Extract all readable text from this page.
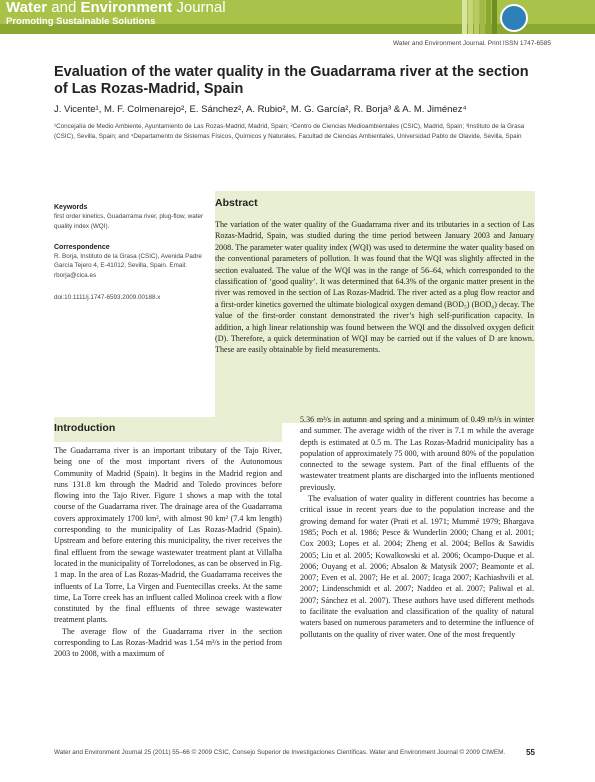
Water and Environment Journal
Promoting Sustainable Solutions
Water and Environment Journal. Print ISSN 1747-6585
Evaluation of the water quality in the Guadarrama river at the section of Las Rozas-Madrid, Spain
J. Vicente¹, M. F. Colmenarejo², E. Sánchez², A. Rubio², M. G. García², R. Borja³ & A. M. Jiménez⁴

¹Concejalía de Medio Ambiente, Ayuntamiento de Las Rozas-Madrid, Madrid, Spain; ²Centro de Ciencias Medioambientales (CSIC), Madrid, Spain; ³Instituto de la Grasa (CSIC), Sevilla, Spain; and ⁴Departamento de Sistemas Físicos, Químicos y Naturales, Facultad de Ciencias Ambientales, Universidad Pablo de Olavide, Sevilla, Spain

Keywords

first order kinetics, Guadarrama river, plug-flow, water quality index (WQI).

Correspondence

R. Borja, Instituto de la Grasa (CSIC), Avenida Padre García Tejero 4, E-41012, Sevilla, Spain. Email: rborja@cica.es

doi:10.1111/j.1747-6593.2009.00188.x

Abstract

The variation of the water quality of the Guadarrama river and its tributaries in a section of Las Rozas-Madrid, Spain, was studied during the time period between January 2003 and January 2008. The parameter water quality index (WQI) was used to determine the water quality based on the conventional parameters of pollution. It was found that the WQI was slightly affected in the section evaluated. The value of the WQI was in the range of 56–64, which corresponded to the classification of ‘good quality’. It was determined that 64.3% of the organic matter present in the river was removed in the section of Las Rozas-Madrid. The river acted as a plug flow reactor and a first-order kinetics governed the ultimate biological oxygen demand (BOD₅) (BOD₀) decay. The value of the first-order constant demonstrated the river’s high self-purification capacity. In addition, a high linear relationship was found between the WQI and the dissolved oxygen deficit (D). Therefore, a quick determination of WQI may be carried out if the values of D are known. These are easily obtainable by field measurements.

Introduction

The Guadarrama river is an important tributary of the Tajo River, being one of the most important rivers of the Autonomous Community of Madrid (Spain). It begins in the Madrid region and runs 131.8 km through the Madrid and Toledo provinces before flowing into the Tajo River. Figure 1 shows a map with the total course of the Guadarrama river. The drainage area of the Guadarrama covers approximately 1700 km², with almost 90 km² (7.4 km length) corresponding to the municipality of Las Rozas-Madrid (Spain). Upstream and before entering this municipality, the river receives the final effluent from the sewage wastewater treatment plant at Villalba located in the municipality of Torrelodones, as can be observed in Fig. 1 map. In the area of Las Rozas-Madrid, the Guadarrama receives the influents of La Torre, La Virgen and Fuentecillas creeks. At the same time, La Torre creek has an influent called Molinoa creek with a flow constituted by the final effluents of three sewage wastewater treatment plants.

The average flow of the Guadarrama river in the section corresponding to Las Rozas-Madrid was 1.54 m³/s in the period from 2003 to 2008, with a maximum of

5.36 m³/s in autumn and spring and a minimum of 0.49 m³/s in winter and summer. The average width of the river is 7.1 m while the average depth is estimated at 0.5 m. The Las Rozas-Madrid municipality has a population of approximately 75 000, with around 80% of the population connected to the sewage system. Part of the final effluents of the wastewater treatment plants are discharged into the influents mentioned previously.

The evaluation of water quality in different countries has become a critical issue in recent years due to the population increase and the growing demand for water (Prati et al. 1971; Mummé 1979; Bhargava 1985; Poch et al. 1986; Pesce & Wunderlin 2000; Chang et al. 2001; Cox 2003; Lopes et al. 2004; Zheng et al. 2004; Bellos & Sawidis 2005; Liu et al. 2005; Kowalkowski et al. 2006; Ocampo-Duque et al. 2006; Ouyang et al. 2006; Absalon & Matysik 2007; Beamonte et al. 2007; Even et al. 2007; He et al. 2007; Icaga 2007; Kachiashvili et al. 2007; Lindenschmidt et al. 2007; Naddeo et al. 2007; Paliwal et al. 2007; Sánchez et al. 2007). These authors have used different methods to facilitate the evaluation and classification of the quality of natural waters based on numerous parameters and to determine the influence of pollutants on the quality of river water. One of the most frequently

Water and Environment Journal 25 (2011) 55–66 © 2009 CSIC, Consejo Superior de Investigaciones Científicas. Water and Environment Journal © 2009 CIWEM.	55
